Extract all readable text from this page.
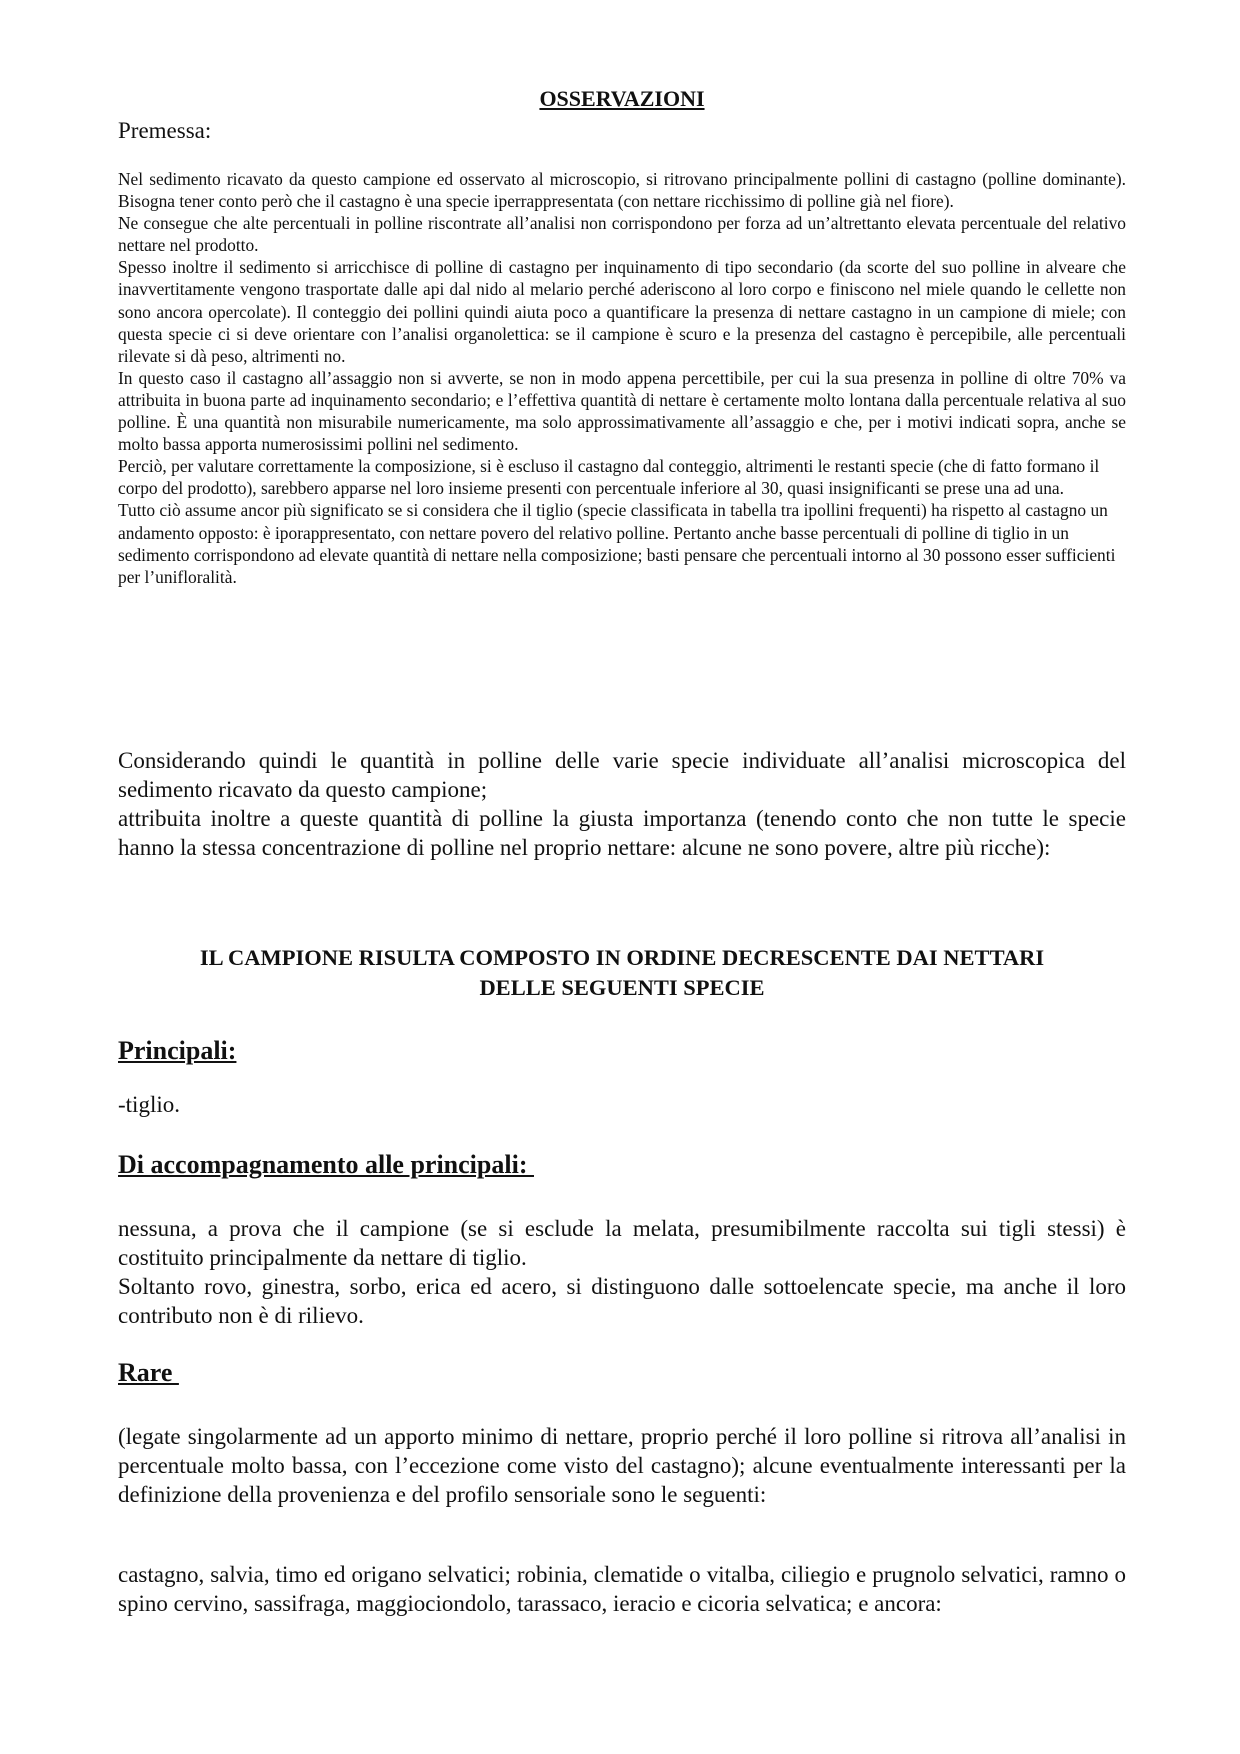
OSSERVAZIONI
Premessa:

Nel sedimento ricavato da questo campione ed osservato al microscopio, si ritrovano principalmente pollini di castagno (polline dominante). Bisogna tener conto però che il castagno è una specie iperrappresentata (con nettare ricchissimo di polline già nel fiore).

Ne consegue che alte percentuali in polline riscontrate all’analisi non corrispondono per forza ad un’altrettanto elevata percentuale del relativo nettare nel prodotto.

Spesso inoltre il sedimento si arricchisce di polline di castagno per inquinamento di tipo secondario (da scorte del suo polline in alveare che inavvertitamente vengono trasportate dalle api dal nido al melario perché aderiscono al loro corpo e finiscono nel miele quando le cellette non sono ancora opercolate). Il conteggio dei pollini quindi aiuta poco a quantificare la presenza di nettare castagno in un campione di miele; con questa specie ci si deve orientare con l’analisi organolettica: se il campione è scuro e la presenza del castagno è percepibile, alle percentuali rilevate si dà peso, altrimenti no.

In questo caso il castagno all’assaggio non si avverte, se non in modo appena percettibile, per cui la sua presenza in polline di oltre 70% va attribuita in buona parte ad inquinamento secondario; e l’effettiva quantità di nettare è certamente molto lontana dalla percentuale relativa al suo polline. È una quantità non misurabile numericamente, ma solo approssimativamente all’assaggio e che, per i motivi indicati sopra, anche se molto bassa apporta numerosissimi pollini nel sedimento.

Perciò, per valutare correttamente la composizione, si è escluso il castagno dal conteggio, altrimenti le restanti specie (che di fatto formano il corpo del prodotto), sarebbero apparse nel loro insieme presenti con percentuale inferiore al 30, quasi insignificanti se prese una ad una.

Tutto ciò assume ancor più significato se si considera che il tiglio (specie classificata in tabella tra ipollini frequenti) ha rispetto al castagno un andamento opposto: è iporappresentato, con nettare povero del relativo polline. Pertanto anche basse percentuali di polline di tiglio in un sedimento corrispondono ad elevate quantità di nettare nella composizione; basti pensare che percentuali intorno al 30 possono esser sufficienti per l’unifloralità.

Considerando quindi le quantità in polline delle varie specie individuate all’analisi microscopica del sedimento ricavato da questo campione;

attribuita inoltre a queste quantità di polline la giusta importanza (tenendo conto che non tutte le specie hanno la stessa concentrazione di polline nel proprio nettare: alcune ne sono povere, altre più ricche):

IL CAMPIONE RISULTA COMPOSTO IN ORDINE DECRESCENTE DAI NETTARI
DELLE SEGUENTI SPECIE
Principali:

-tiglio.

Di accompagnamento alle principali:

nessuna, a prova che il campione (se si esclude la melata, presumibilmente raccolta sui tigli stessi) è costituito principalmente da nettare di tiglio.

Soltanto rovo, ginestra, sorbo, erica ed acero, si distinguono dalle sottoelencate specie, ma anche il loro contributo non è di rilievo.

Rare

(legate singolarmente ad un apporto minimo di nettare, proprio perché il loro polline si ritrova all’analisi in percentuale molto bassa, con l’eccezione come visto del castagno); alcune eventualmente interessanti per la definizione della provenienza e del profilo sensoriale sono le seguenti:

castagno, salvia, timo ed origano selvatici; robinia, clematide o vitalba, ciliegio e prugnolo selvatici, ramno o spino cervino, sassifraga, maggiociondolo, tarassaco, ieracio e cicoria selvatica; e ancora:
